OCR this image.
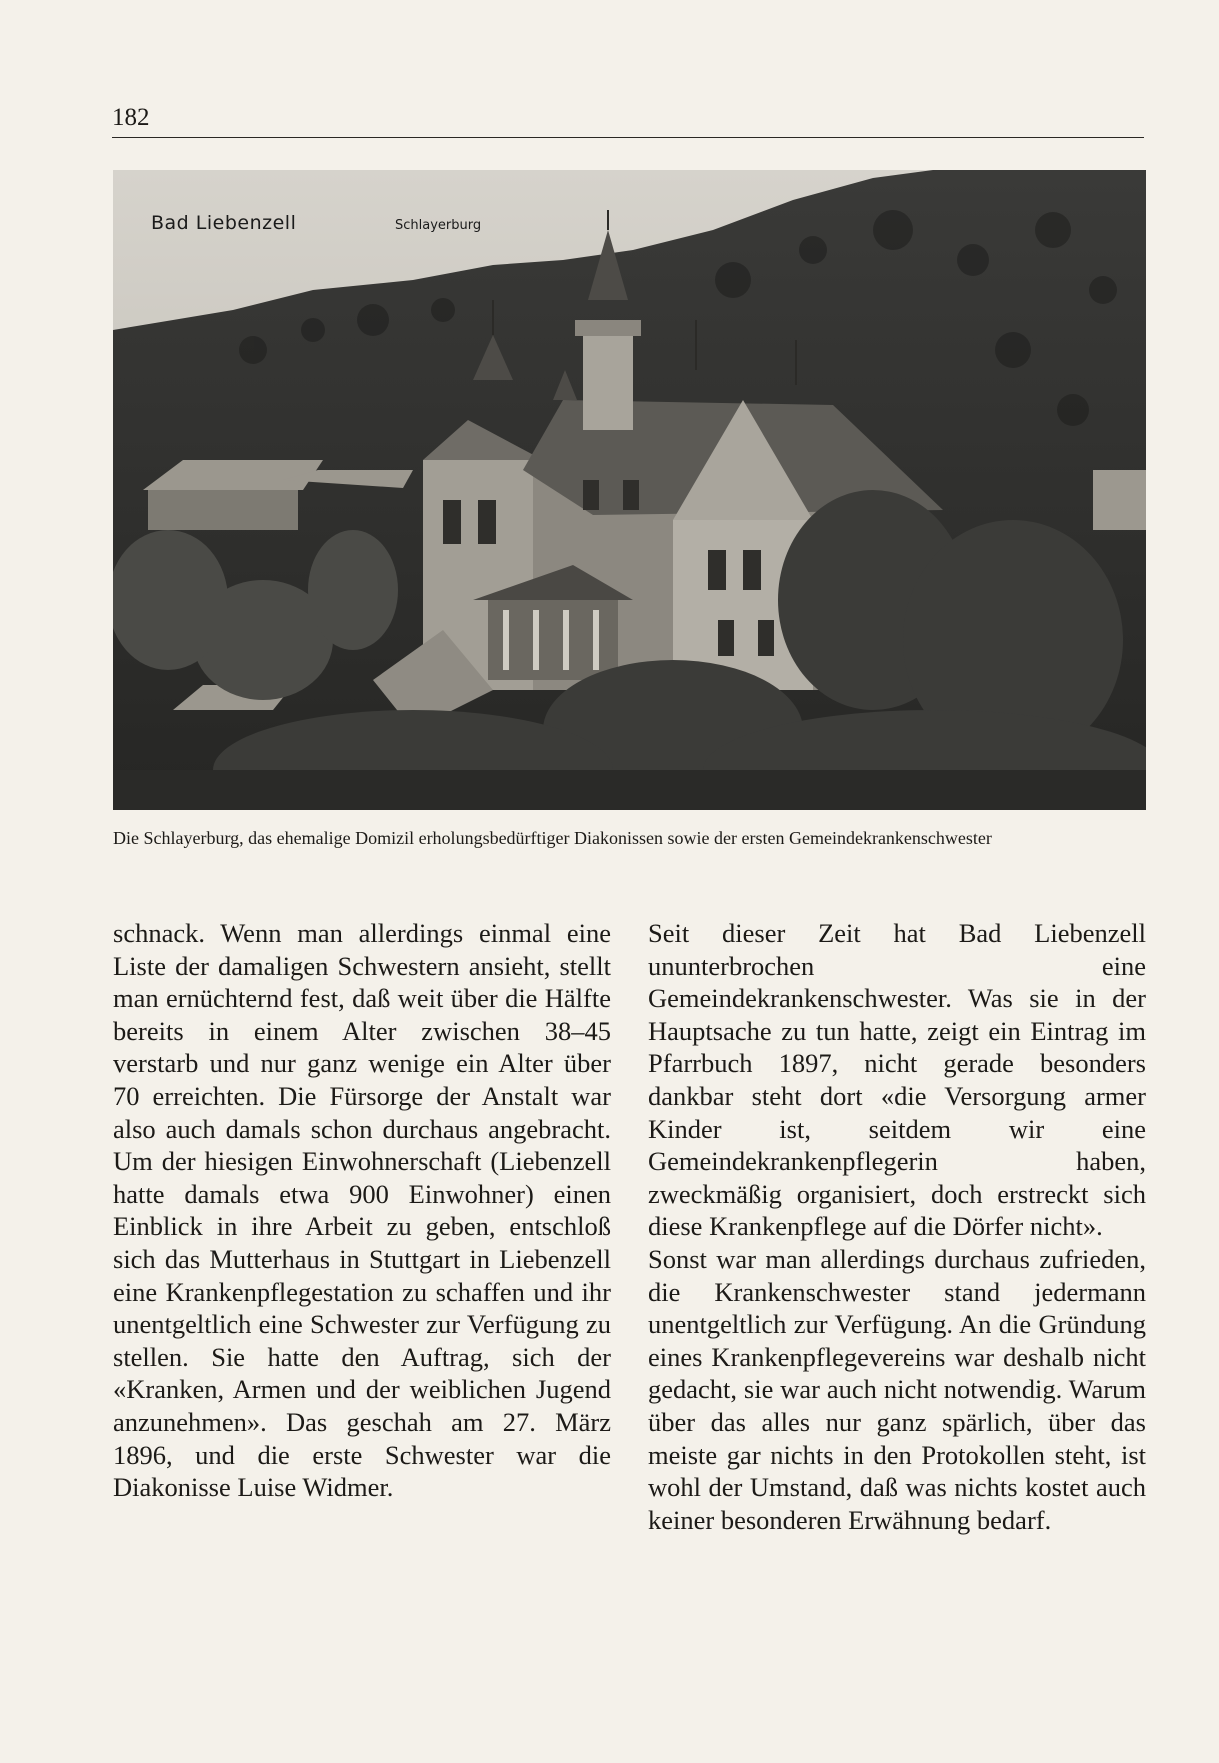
182
Bad Liebenzell	Schlayerburg
Die Schlayerburg, das ehemalige Domizil erholungsbedürftiger Diakonissen sowie der ersten Gemeindekrankenschwester

schnack. Wenn man allerdings einmal eine Liste der damaligen Schwestern ansieht, stellt man ernüchternd fest, daß weit über die Hälfte bereits in einem Alter zwischen 38–45 verstarb und nur ganz wenige ein Alter über 70 erreichten. Die Fürsorge der Anstalt war also auch damals schon durchaus angebracht. Um der hiesigen Einwohnerschaft (Liebenzell hatte damals etwa 900 Einwohner) einen Einblick in ihre Arbeit zu geben, entschloß sich das Mutterhaus in Stuttgart in Liebenzell eine Krankenpflegestation zu schaffen und ihr unentgeltlich eine Schwester zur Verfügung zu stellen. Sie hatte den Auftrag, sich der «Kranken, Armen und der weiblichen Jugend anzunehmen». Das geschah am 27. März 1896, und die erste Schwester war die Diakonisse Luise Widmer.

Seit dieser Zeit hat Bad Liebenzell ununterbrochen eine Gemeindekrankenschwester. Was sie in der Hauptsache zu tun hatte, zeigt ein Eintrag im Pfarrbuch 1897, nicht gerade besonders dankbar steht dort «die Versorgung armer Kinder ist, seitdem wir eine Gemeindekrankenpflegerin haben, zweckmäßig organisiert, doch erstreckt sich diese Krankenpflege auf die Dörfer nicht».

Sonst war man allerdings durchaus zufrieden, die Krankenschwester stand jedermann unentgeltlich zur Verfügung. An die Gründung eines Krankenpflegevereins war deshalb nicht gedacht, sie war auch nicht notwendig. Warum über das alles nur ganz spärlich, über das meiste gar nichts in den Protokollen steht, ist wohl der Umstand, daß was nichts kostet auch keiner besonderen Erwähnung bedarf.
